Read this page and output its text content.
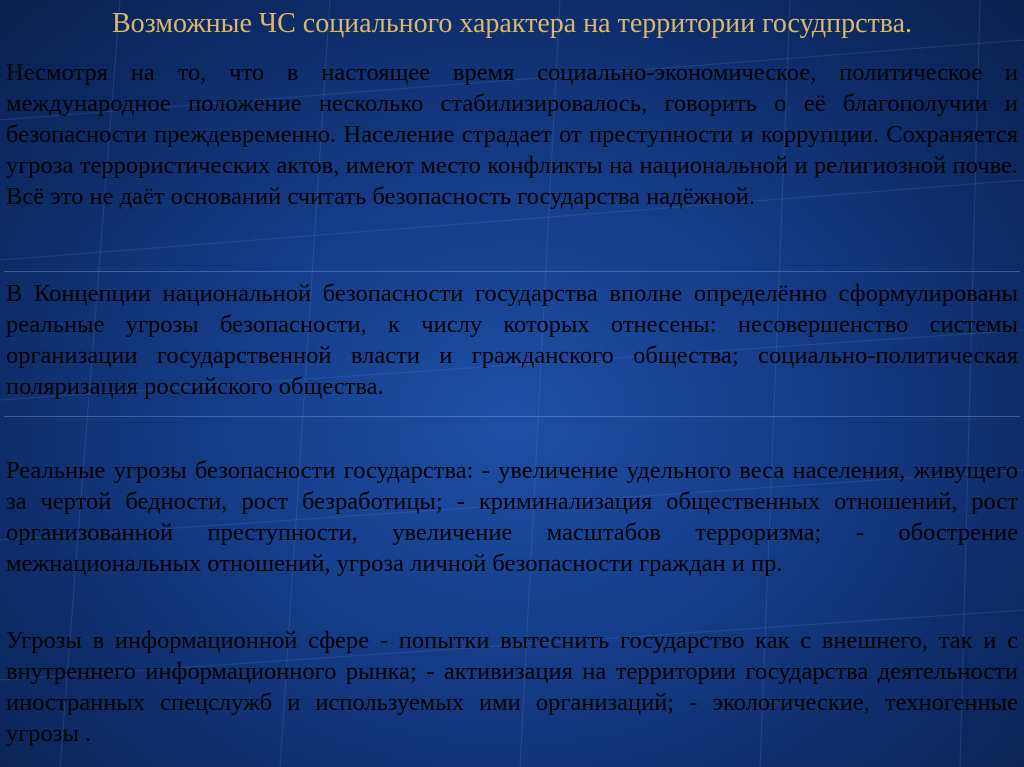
Возможные ЧС социального характера на территории госудпрства.

Несмотря на то, что в настоящее время социально-экономическое, политическое и международное положение несколько стабилизировалось, говорить о её благополучии и безопасности преждевременно. Население страдает от преступности и коррупции. Сохраняется угроза террористических актов, имеют место конфликты на национальной и религиозной почве. Всё это не даёт оснований считать безопасность государства надёжной.

В Концепции национальной безопасности государства вполне определённо сформулированы реальные угрозы безопасности, к числу которых отнесены: несовершенство системы организации государственной власти и гражданского общества; социально-политическая поляризация российского общества.

Реальные угрозы безопасности государства: - увеличение удельного веса населения, живущего за чертой бедности, рост безработицы; - криминализация общественных отношений, рост организованной преступности, увеличение масштабов терроризма; - обострение межнациональных отношений, угроза личной безопасности граждан и пр.

Угрозы в информационной сфере - попытки вытеснить государство как с внешнего, так и с внутреннего информационного рынка; - активизация на территории государства деятельности иностранных спецслужб и используемых ими организаций; - экологические, техногенные угрозы .
